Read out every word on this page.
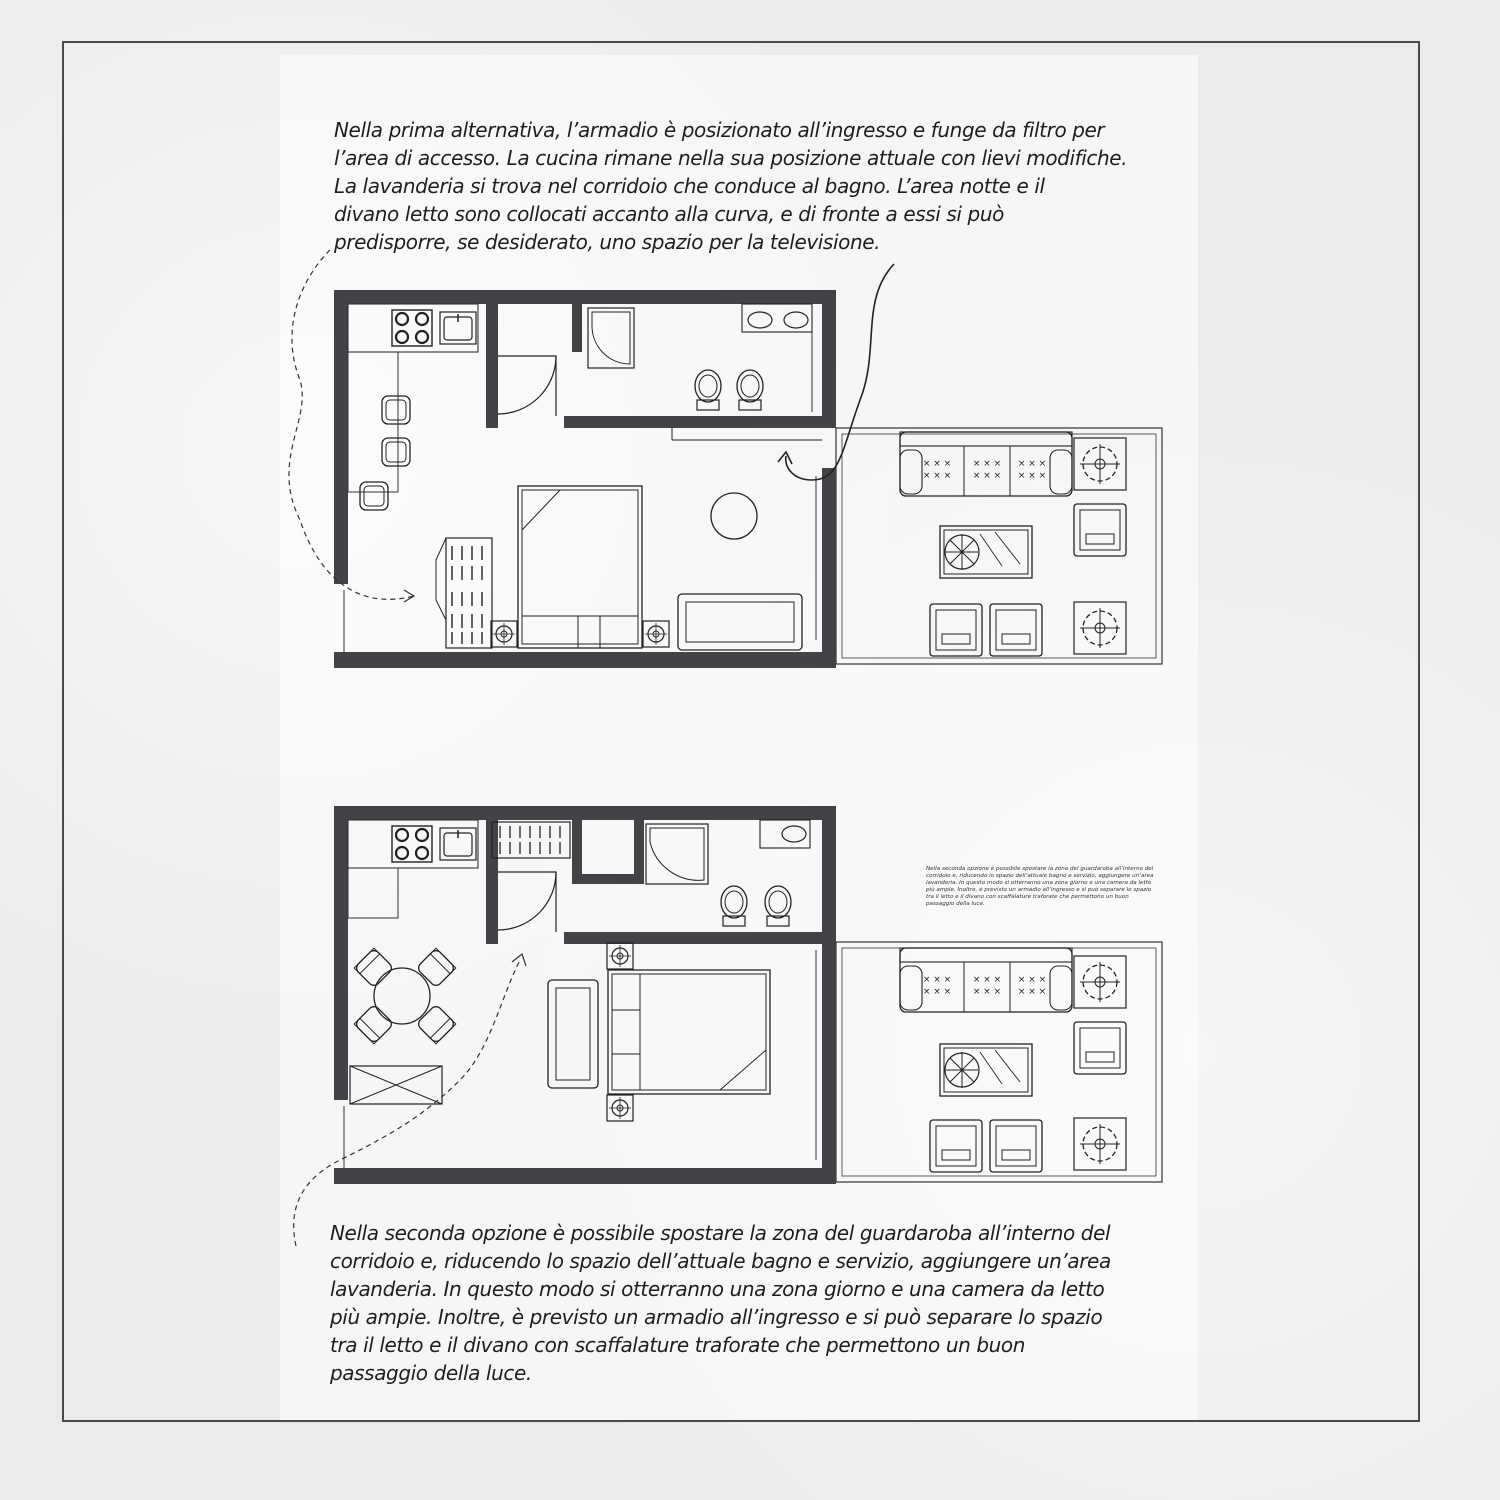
Nella prima alternativa, l’armadio è posizionato all’ingresso e funge da filtro per
l’area di accesso. La cucina rimane nella sua posizione attuale con lievi modifiche.
La lavanderia si trova nel corridoio che conduce al bagno. L’area notte e il
divano letto sono collocati accanto alla curva, e di fronte a essi si può
predisporre, se desiderato, uno spazio per la televisione.

Nella seconda opzione è possibile spostare la zona del guardaroba all’interno del
corridoio e, riducendo lo spazio dell’attuale bagno e servizio, aggiungere un’area
lavanderia. In questo modo si otterranno una zona giorno e una camera da letto
più ampie. Inoltre, è previsto un armadio all’ingresso e si può separare lo spazio
tra il letto e il divano con scaffalature traforate che permettono un buon
passaggio della luce.

Nella seconda opzione è possibile spostare la zona del guardaroba all’interno del corridoio e, riducendo lo spazio dell’attuale bagno e servizio, aggiungere un’area lavanderia. In questo modo si otterranno una zona giorno e una camera da letto più ampie. Inoltre, è previsto un armadio all’ingresso e si può separare lo spazio tra il letto e il divano con scaffalature traforate che permettono un buon passaggio della luce.

× × ×
× × ×
× × ×
× × ×
× × ×
× × ×
